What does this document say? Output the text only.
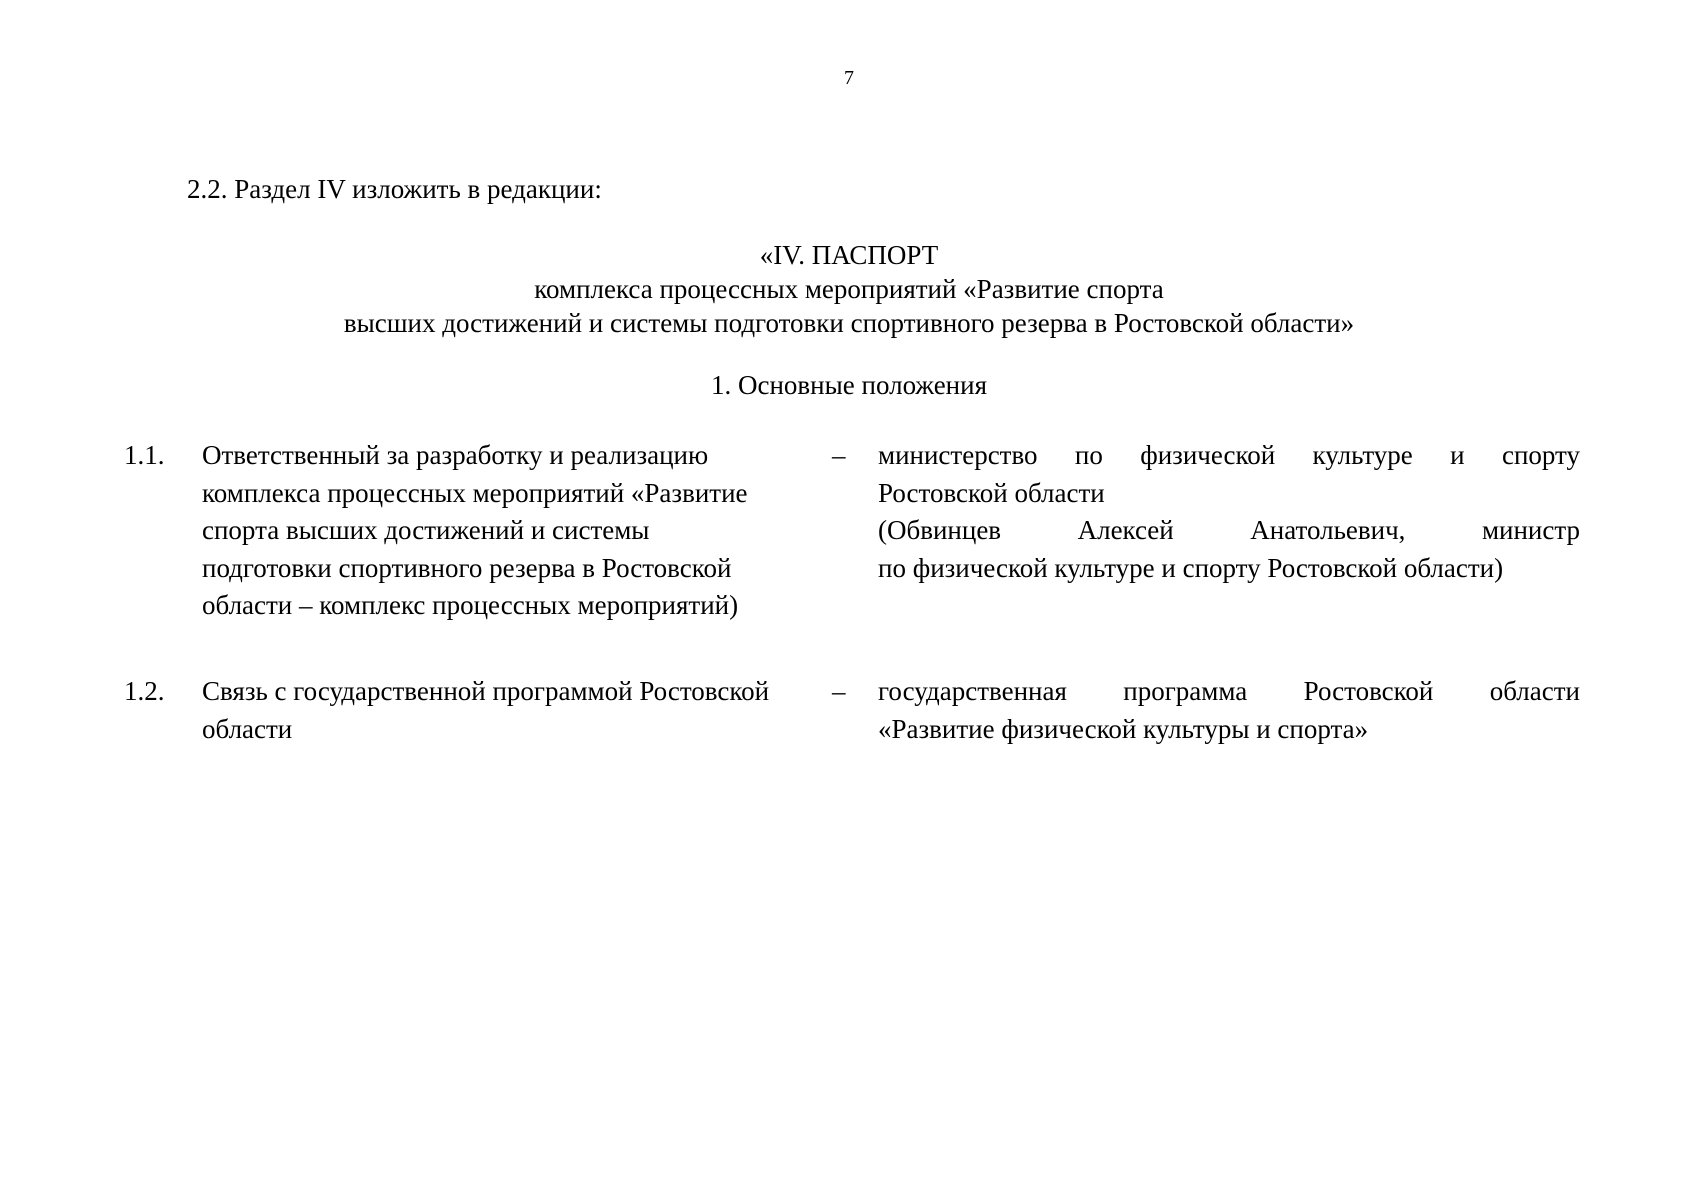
7
2.2. Раздел IV изложить в редакции:
«IV. ПАСПОРТ
комплекса процессных мероприятий «Развитие спорта
высших достижений и системы подготовки спортивного резерва в Ростовской области»
1. Основные положения
1.1. Ответственный за разработку и реализацию
комплекса процессных мероприятий «Развитие
спорта высших достижений и системы
подготовки спортивного резерва в Ростовской
области – комплекс процессных мероприятий)
– министерство по физической культуре и спорту
Ростовской области
(Обвинцев Алексей Анатольевич, министр
по физической культуре и спорту Ростовской области)
1.2. Связь с государственной программой Ростовской
области
– государственная программа Ростовской области
«Развитие физической культуры и спорта»
